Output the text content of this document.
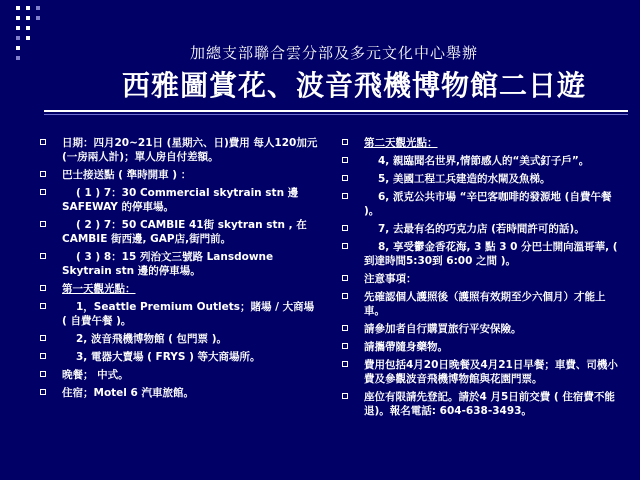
加總支部聯合雲分部及多元文化中心舉辦
西雅圖賞花、波音飛機博物館二日遊
日期：四月20~21日 (星期六、日)費用 每人120加元 (一房兩人計)；單人房自付差額。
巴士接送點 ( 準時開車 ) ：
( 1 ) 7：30 Commercial skytrain stn 邊 SAFEWAY 的停車場。
( 2 ) 7：50 CAMBIE 41街 skytran stn , 在 CAMBIE 街西邊, GAP店,街門前。
( 3 ) 8：15 列治文三號路 Lansdowne Skytrain stn 邊的停車場。
第一天觀光點：
1，Seattle Premium Outlets；賭場 / 大商場 ( 自費午餐 )。
2, 波音飛機博物館 ( 包門票 )。
3, 電器大賣場 ( FRYS ) 等大商場所。
晚餐； 中式。
住宿；Motel 6 汽車旅館。
第二天觀光點：
4, 親臨聞名世界,情節感人的“美式釘子戶”。
5, 美國工程工兵建造的水閘及魚梯。
6, 派克公共市場 “辛巴客咖啡的發源地 (自費午餐 )。
7, 去最有名的巧克力店 (若時間許可的話)。
8, 享受鬱金香花海, 3 點 3 0 分巴士開向溫哥華, ( 到達時間5:30到 6:00 之間 )。
注意事項：
先確認個人護照後（護照有效期至少六個月）才能上車。
請參加者自行購買旅行平安保險。
請攜帶隨身藥物。
費用包括4月20日晚餐及4月21日早餐；車費、司機小費及參觀波音飛機博物館與花園門票。
座位有限請先登記。請於4 月5日前交費 ( 住宿費不能退)。報名電話: 604-638-3493。
